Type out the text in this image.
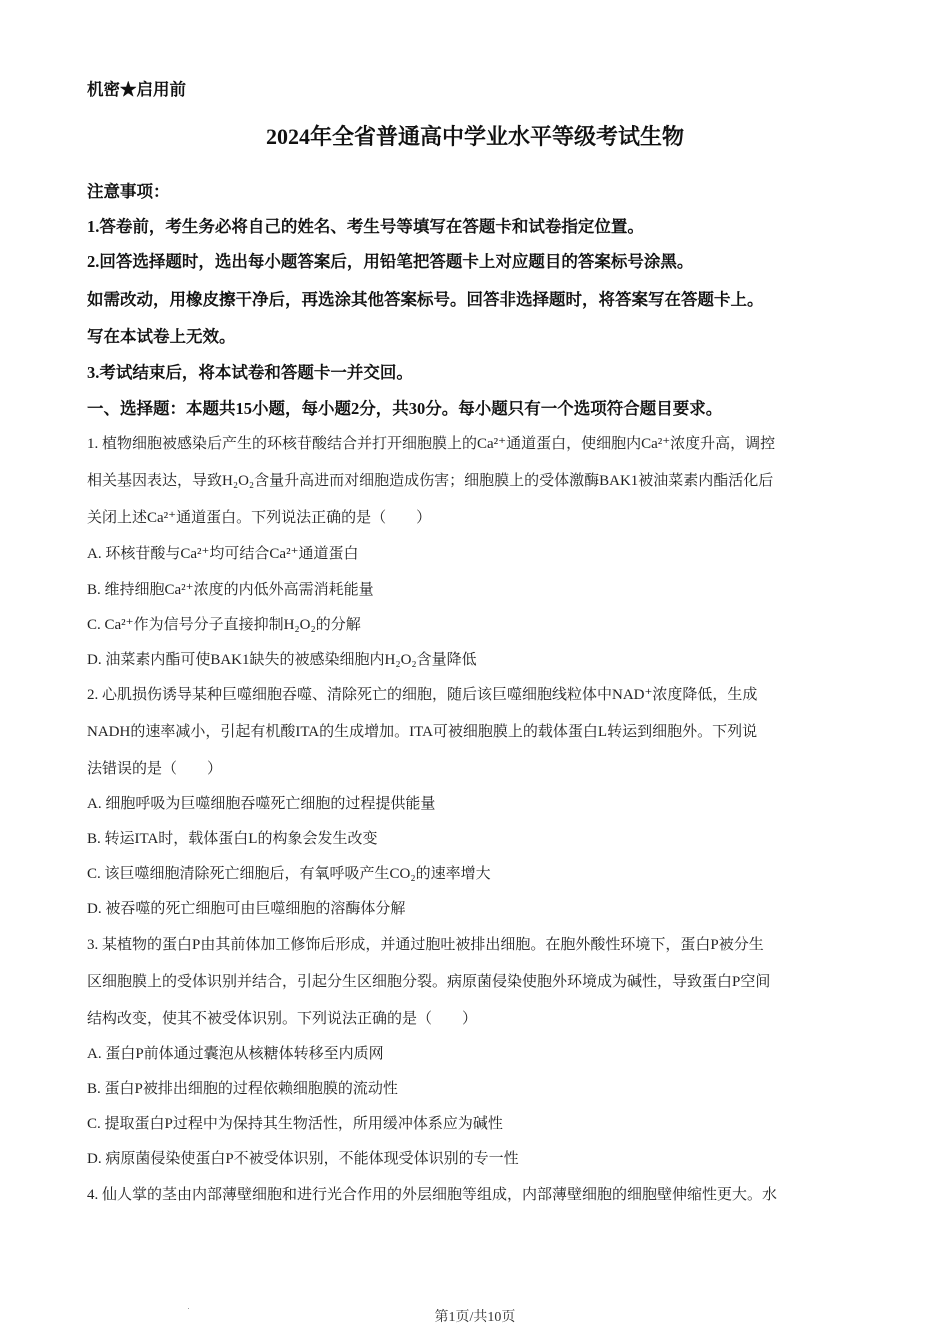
机密★启用前
2024年全省普通高中学业水平等级考试生物
注意事项：
1.答卷前，考生务必将自己的姓名、考生号等填写在答题卡和试卷指定位置。
2.回答选择题时，选出每小题答案后，用铅笔把答题卡上对应题目的答案标号涂黑。
如需改动，用橡皮擦干净后，再选涂其他答案标号。回答非选择题时，将答案写在答题卡上。
写在本试卷上无效。
3.考试结束后，将本试卷和答题卡一并交回。
一、选择题：本题共15小题，每小题2分，共30分。每小题只有一个选项符合题目要求。
1. 植物细胞被感染后产生的环核苷酸结合并打开细胞膜上的Ca²⁺通道蛋白，使细胞内Ca²⁺浓度升高，调控
相关基因表达，导致H₂O₂含量升高进而对细胞造成伤害；细胞膜上的受体激酶BAK1被油菜素内酯活化后
关闭上述Ca²⁺通道蛋白。下列说法正确的是（　　）
A. 环核苷酸与Ca²⁺均可结合Ca²⁺通道蛋白
B. 维持细胞Ca²⁺浓度的内低外高需消耗能量
C. Ca²⁺作为信号分子直接抑制H₂O₂的分解
D. 油菜素内酯可使BAK1缺失的被感染细胞内H₂O₂含量降低
2. 心肌损伤诱导某种巨噬细胞吞噬、清除死亡的细胞，随后该巨噬细胞线粒体中NAD⁺浓度降低，生成
NADH的速率减小，引起有机酸ITA的生成增加。ITA可被细胞膜上的载体蛋白L转运到细胞外。下列说
法错误的是（　　）
A. 细胞呼吸为巨噬细胞吞噬死亡细胞的过程提供能量
B. 转运ITA时，载体蛋白L的构象会发生改变
C. 该巨噬细胞清除死亡细胞后，有氧呼吸产生CO₂的速率增大
D. 被吞噬的死亡细胞可由巨噬细胞的溶酶体分解
3. 某植物的蛋白P由其前体加工修饰后形成，并通过胞吐被排出细胞。在胞外酸性环境下，蛋白P被分生
区细胞膜上的受体识别并结合，引起分生区细胞分裂。病原菌侵染使胞外环境成为碱性，导致蛋白P空间
结构改变，使其不被受体识别。下列说法正确的是（　　）
A. 蛋白P前体通过囊泡从核糖体转移至内质网
B. 蛋白P被排出细胞的过程依赖细胞膜的流动性
C. 提取蛋白P过程中为保持其生物活性，所用缓冲体系应为碱性
D. 病原菌侵染使蛋白P不被受体识别，不能体现受体识别的专一性
4. 仙人掌的茎由内部薄壁细胞和进行光合作用的外层细胞等组成，内部薄壁细胞的细胞壁伸缩性更大。水
第1页/共10页
